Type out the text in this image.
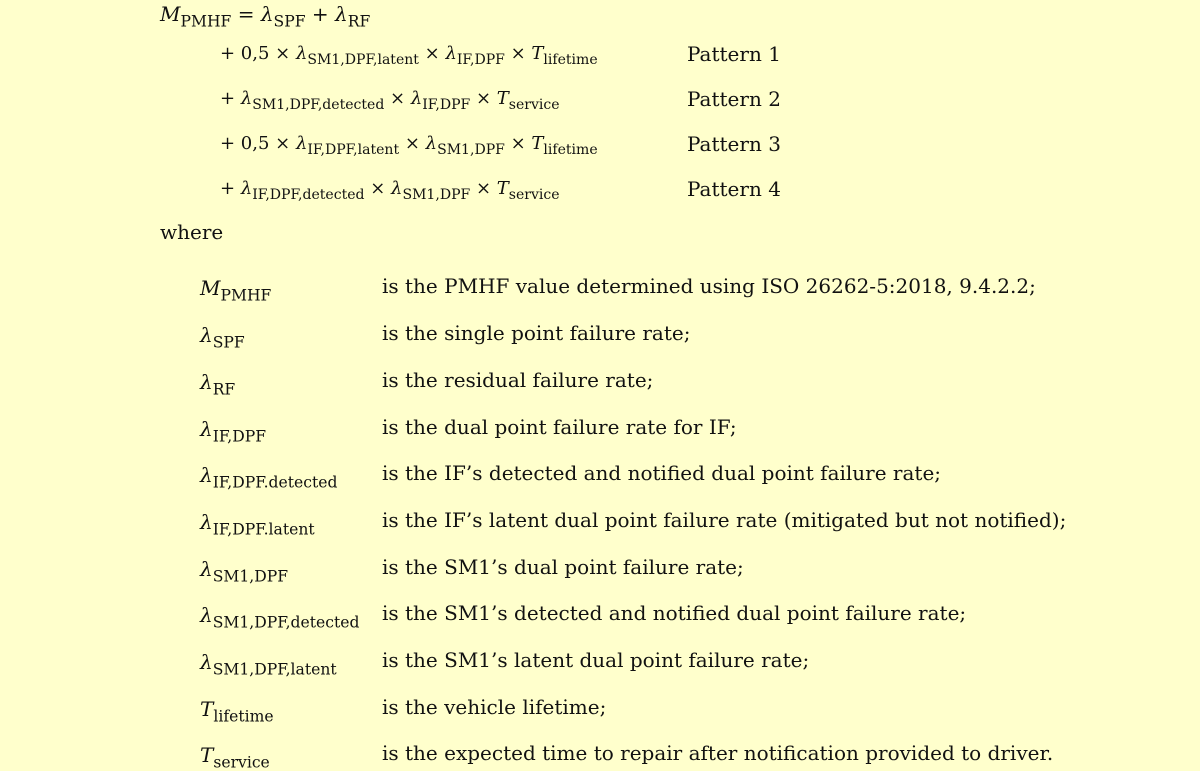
$M_{PMHF} = \lambda_{SPF} + \lambda_{RF}$
+ $0,5 \times \lambda_{SM1,DPF,latent} \times \lambda_{IF,DPF} \times T_{lifetime}$	Pattern 1
+ $\lambda_{SM1,DPF,detected} \times \lambda_{IF,DPF} \times T_{service}$	Pattern 2
+ $0,5 \times \lambda_{IF,DPF,latent} \times \lambda_{SM1,DPF} \times T_{lifetime}$	Pattern 3
+ $\lambda_{IF,DPF,detected} \times \lambda_{SM1,DPF} \times T_{service}$	Pattern 4
where
$M_{PMHF}$	is the PMHF value determined using ISO 26262-5:2018, 9.4.2.2;
$\lambda_{SPF}$	is the single point failure rate;
$\lambda_{RF}$	is the residual failure rate;
$\lambda_{IF,DPF}$	is the dual point failure rate for IF;
$\lambda_{IF,DPF.detected}$ is the IF’s detected and notified dual point failure rate;
$\lambda_{IF,DPF.latent}$	is the IF’s latent dual point failure rate (mitigated but not notified);
$\lambda_{SM1,DPF}$	is the SM1’s dual point failure rate;
$\lambda_{SM1,DPF,detected}$ is the SM1’s detected and notified dual point failure rate;
$\lambda_{SM1,DPF,latent}$ is the SM1’s latent dual point failure rate;
$T_{lifetime}$	is the vehicle lifetime;
$T_{service}$	is the expected time to repair after notification provided to driver.
